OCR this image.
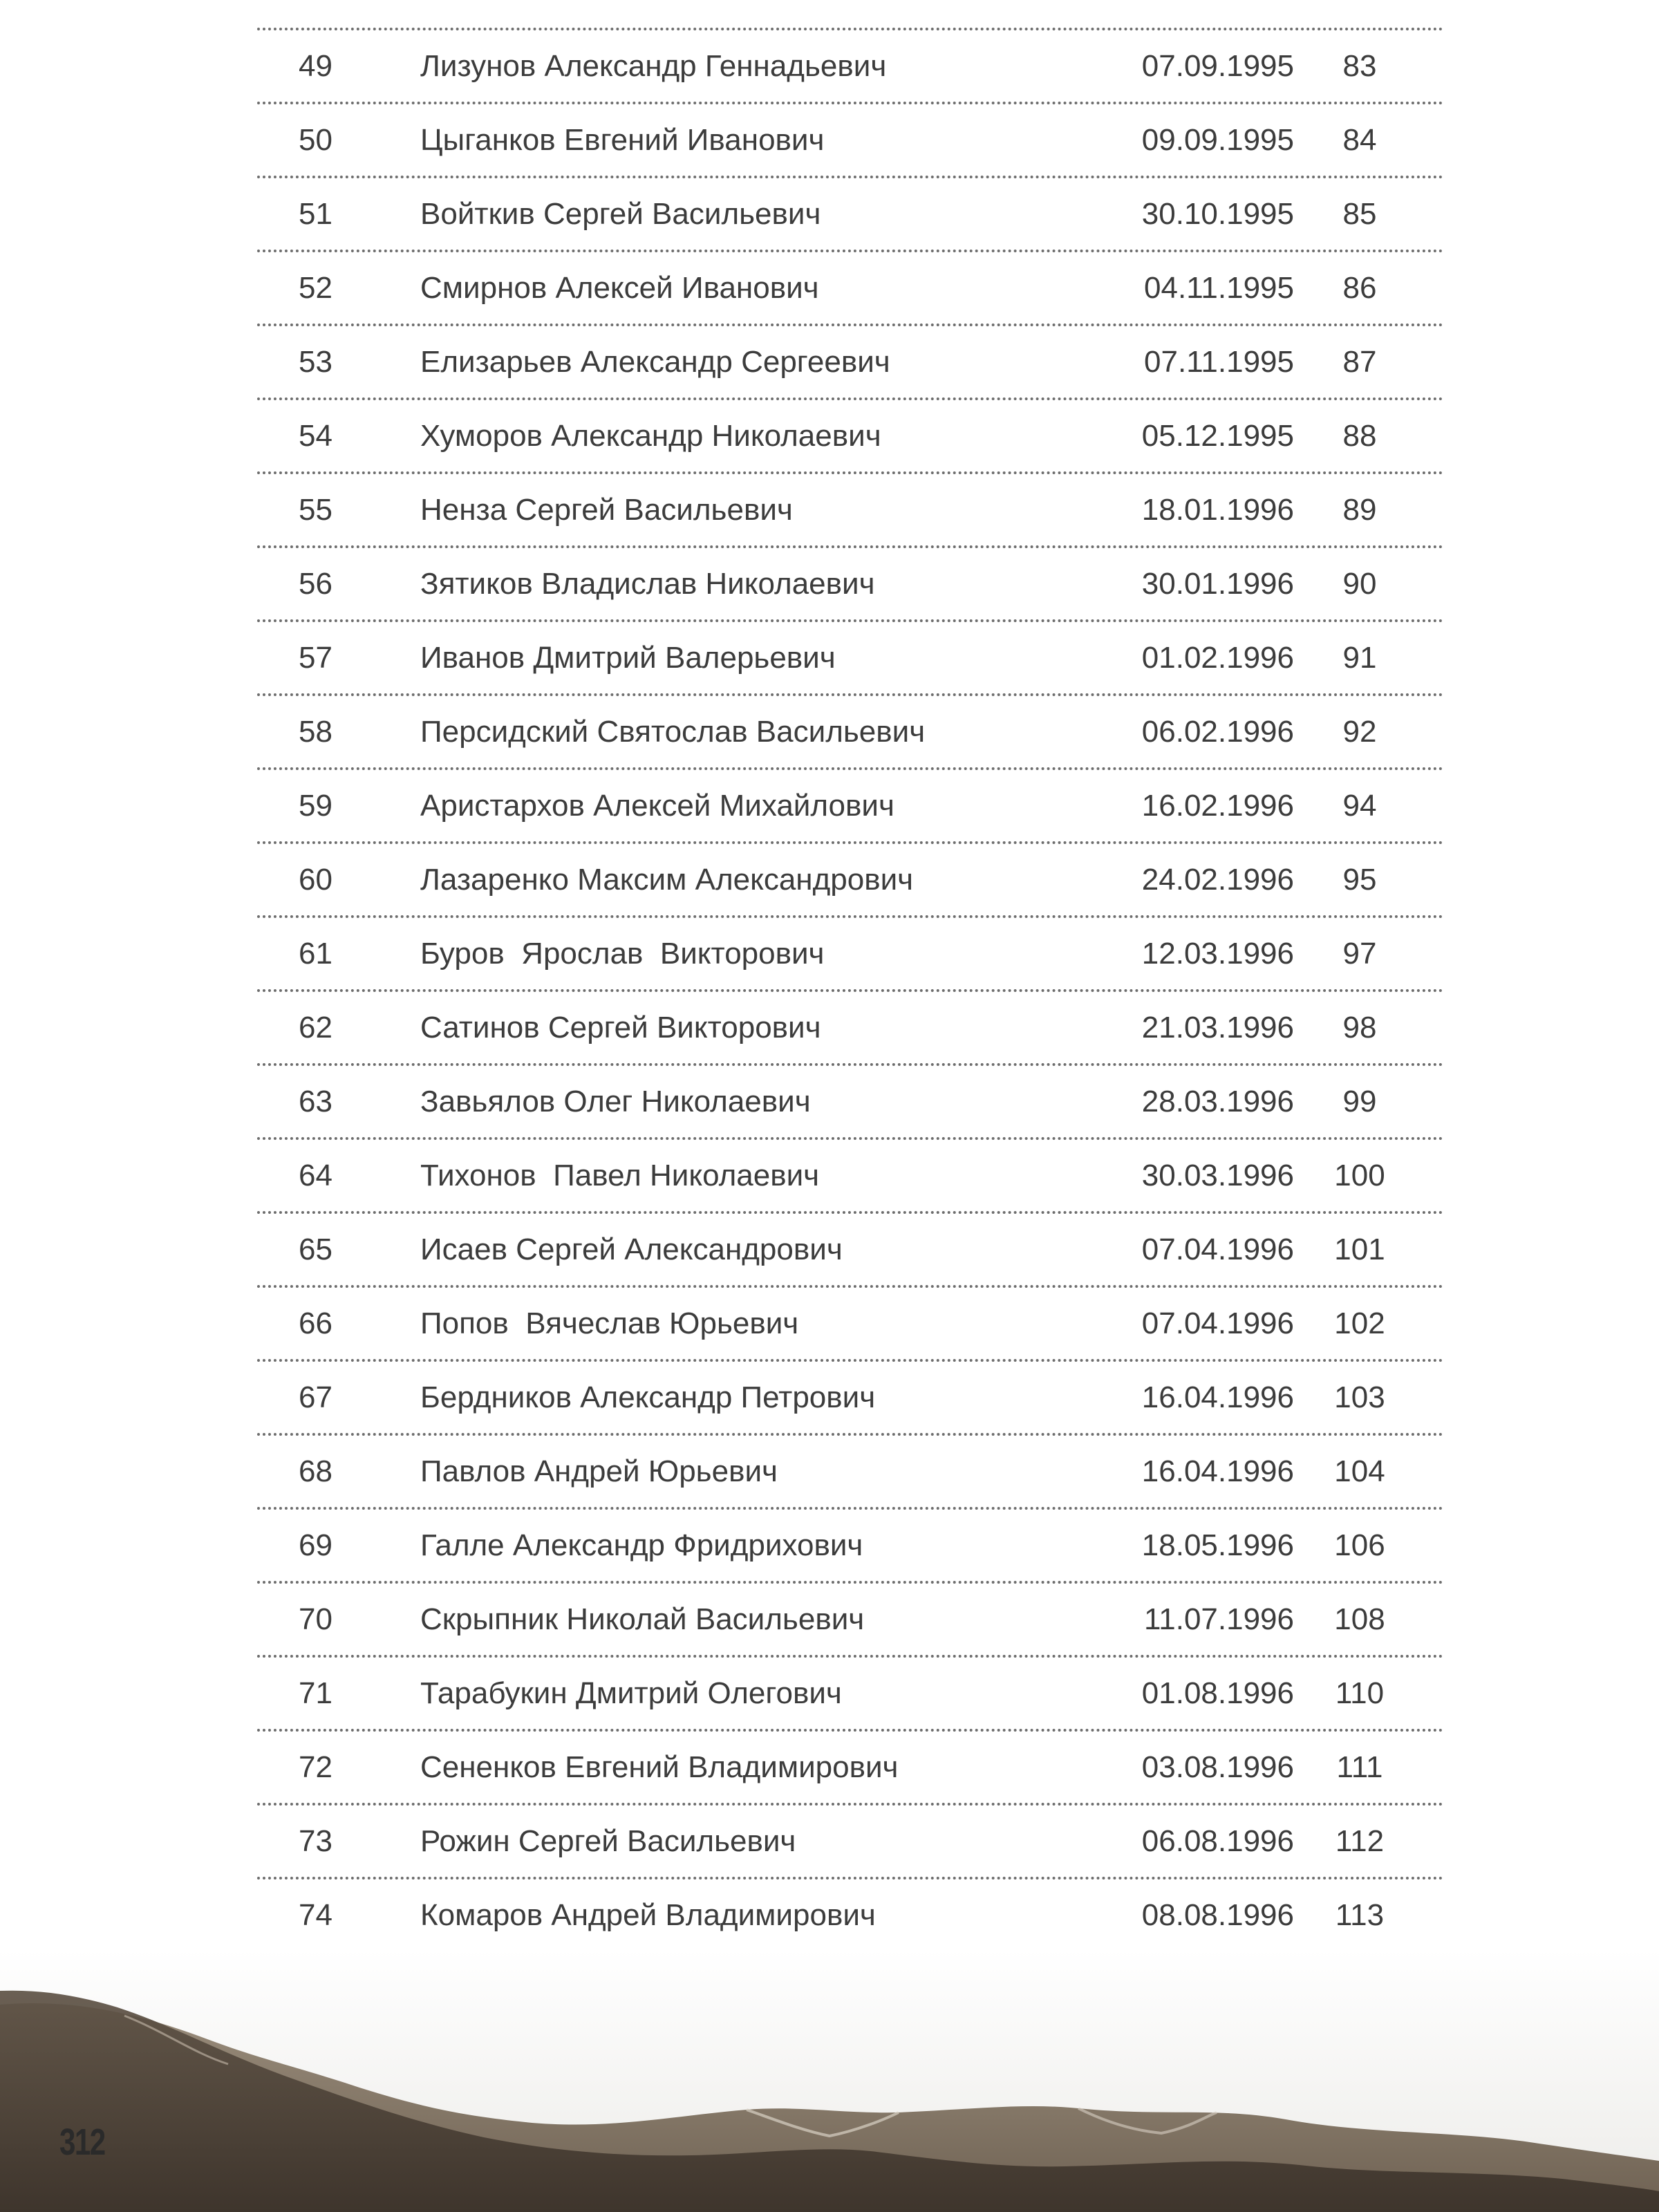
49	Лизунов Александр Геннадьевич	07.09.1995	83
50	Цыганков Евгений Иванович	09.09.1995	84
51	Войткив Сергей Васильевич	30.10.1995	85
52	Смирнов Алексей Иванович	04.11.1995	86
53	Елизарьев Александр Сергеевич	07.11.1995	87
54	Хуморов Александр Николаевич	05.12.1995	88
55	Ненза Сергей Васильевич	18.01.1996	89
56	Зятиков Владислав Николаевич	30.01.1996	90
57	Иванов Дмитрий Валерьевич	01.02.1996	91
58	Персидский Святослав Васильевич	06.02.1996	92
59	Аристархов Алексей Михайлович	16.02.1996	94
60	Лазаренко Максим Александрович	24.02.1996	95
61	Буров  Ярослав  Викторович	12.03.1996	97
62	Сатинов Сергей Викторович	21.03.1996	98
63	Завьялов Олег Николаевич	28.03.1996	99
64	Тихонов  Павел Николаевич	30.03.1996	100
65	Исаев Сергей Александрович	07.04.1996	101
66	Попов  Вячеслав Юрьевич	07.04.1996	102
67	Бердников Александр Петрович	16.04.1996	103
68	Павлов Андрей Юрьевич	16.04.1996	104
69	Галле Александр Фридрихович	18.05.1996	106
70	Скрыпник Николай Васильевич	11.07.1996	108
71	Тарабукин Дмитрий Олегович	01.08.1996	110
72	Сененков Евгений Владимирович	03.08.1996	111
73	Рожин Сергей Васильевич	06.08.1996	112
74	Комаров Андрей Владимирович	08.08.1996	113
312
